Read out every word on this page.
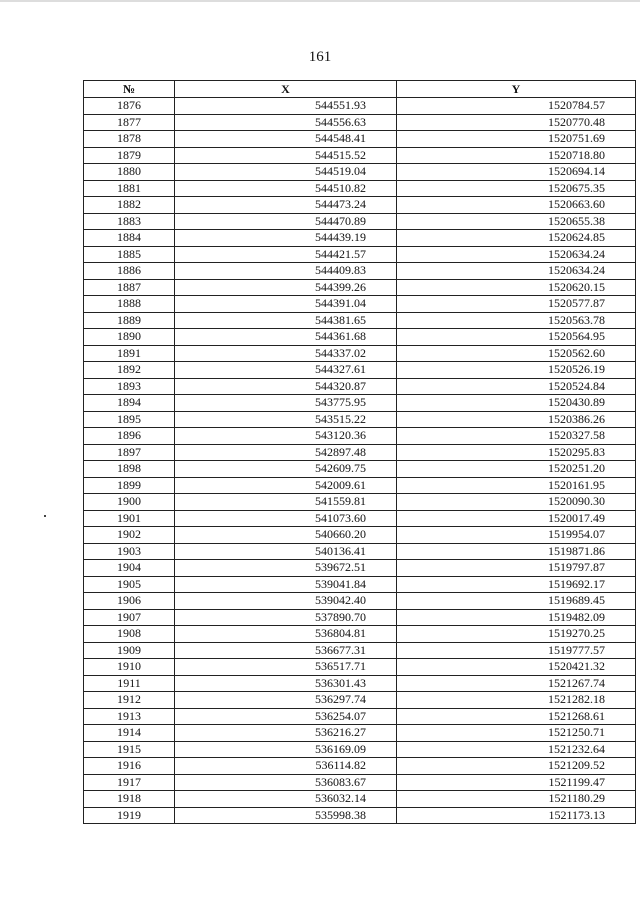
161
№	X	Y
1876	544551.93	1520784.57
1877	544556.63	1520770.48
1878	544548.41	1520751.69
1879	544515.52	1520718.80
1880	544519.04	1520694.14
1881	544510.82	1520675.35
1882	544473.24	1520663.60
1883	544470.89	1520655.38
1884	544439.19	1520624.85
1885	544421.57	1520634.24
1886	544409.83	1520634.24
1887	544399.26	1520620.15
1888	544391.04	1520577.87
1889	544381.65	1520563.78
1890	544361.68	1520564.95
1891	544337.02	1520562.60
1892	544327.61	1520526.19
1893	544320.87	1520524.84
1894	543775.95	1520430.89
1895	543515.22	1520386.26
1896	543120.36	1520327.58
1897	542897.48	1520295.83
1898	542609.75	1520251.20
1899	542009.61	1520161.95
1900	541559.81	1520090.30
1901	541073.60	1520017.49
1902	540660.20	1519954.07
1903	540136.41	1519871.86
1904	539672.51	1519797.87
1905	539041.84	1519692.17
1906	539042.40	1519689.45
1907	537890.70	1519482.09
1908	536804.81	1519270.25
1909	536677.31	1519777.57
1910	536517.71	1520421.32
1911	536301.43	1521267.74
1912	536297.74	1521282.18
1913	536254.07	1521268.61
1914	536216.27	1521250.71
1915	536169.09	1521232.64
1916	536114.82	1521209.52
1917	536083.67	1521199.47
1918	536032.14	1521180.29
1919	535998.38	1521173.13
